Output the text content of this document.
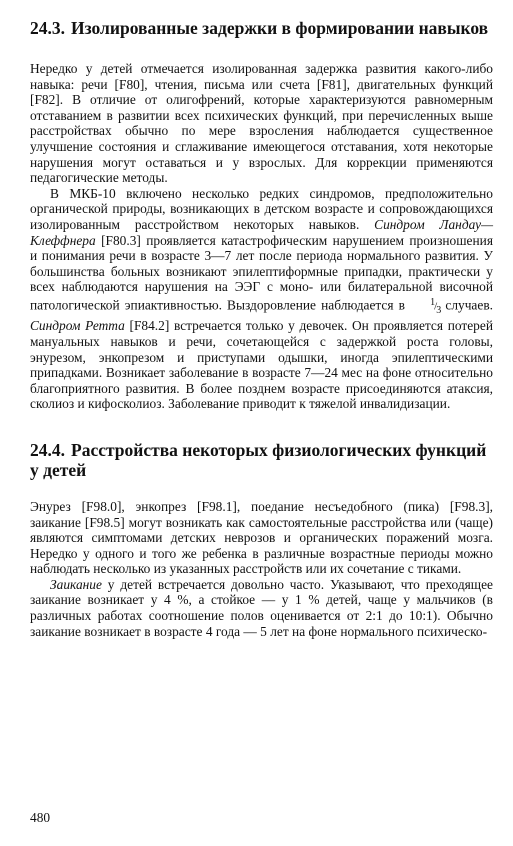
24.3. Изолированные задержки в формировании навыков

Нередко у детей отмечается изолированная задержка развития какого-либо навыка: речи [F80], чтения, письма или счета [F81], двигательных функций [F82]. В отличие от олигофрений, которые характеризуются равномерным отставанием в развитии всех психических функций, при перечисленных выше расстройствах обычно по мере взросления наблюдается существенное улучшение состояния и сглаживание имеющегося отставания, хотя некоторые нарушения могут оставаться и у взрослых. Для коррекции применяются педагогические методы.

В МКБ-10 включено несколько редких синдромов, предположительно органической природы, возникающих в детском возрасте и сопровождающихся изолированным расстройством некоторых навыков. Синдром Ландау—Клеффнера [F80.3] проявляется катастрофическим нарушением произношения и понимания речи в возрасте 3—7 лет после периода нормального развития. У большинства больных возникают эпилептиформные припадки, практически у всех наблюдаются нарушения на ЭЭГ с моно- или билатеральной височной патологической эпиактивностью. Выздоровление наблюдается в	$^1/_3$ случаев. Синдром Ретта [F84.2] встречается только у девочек. Он проявляется потерей мануальных навыков и речи, сочетающейся с задержкой роста головы, энурезом, энкопрезом и приступами одышки, иногда эпилептическими припадками. Возникает заболевание в возрасте 7—24 мес на фоне относительно благоприятного развития. В более позднем возрасте присоединяются атаксия, сколиоз и кифосколиоз. Заболевание приводит к тяжелой инвалидизации.

24.4. Расстройства некоторых физиологических функций у детей

Энурез [F98.0], энкопрез [F98.1], поедание несъедобного (пика) [F98.3], заикание [F98.5] могут возникать как самостоятельные расстройства или (чаще) являются симптомами детских неврозов и органических поражений мозга. Нередко у одного и того же ребенка в различные возрастные периоды можно наблюдать несколько из указанных расстройств или их сочетание с тиками.

Заикание у детей встречается довольно часто. Указывают, что преходящее заикание возникает у 4 %, а стойкое — у 1 % детей, чаще у мальчиков (в различных работах соотношение полов оценивается от 2:1 до 10:1). Обычно заикание возникает в возрасте 4 года — 5 лет на фоне нормального психическо-

480
